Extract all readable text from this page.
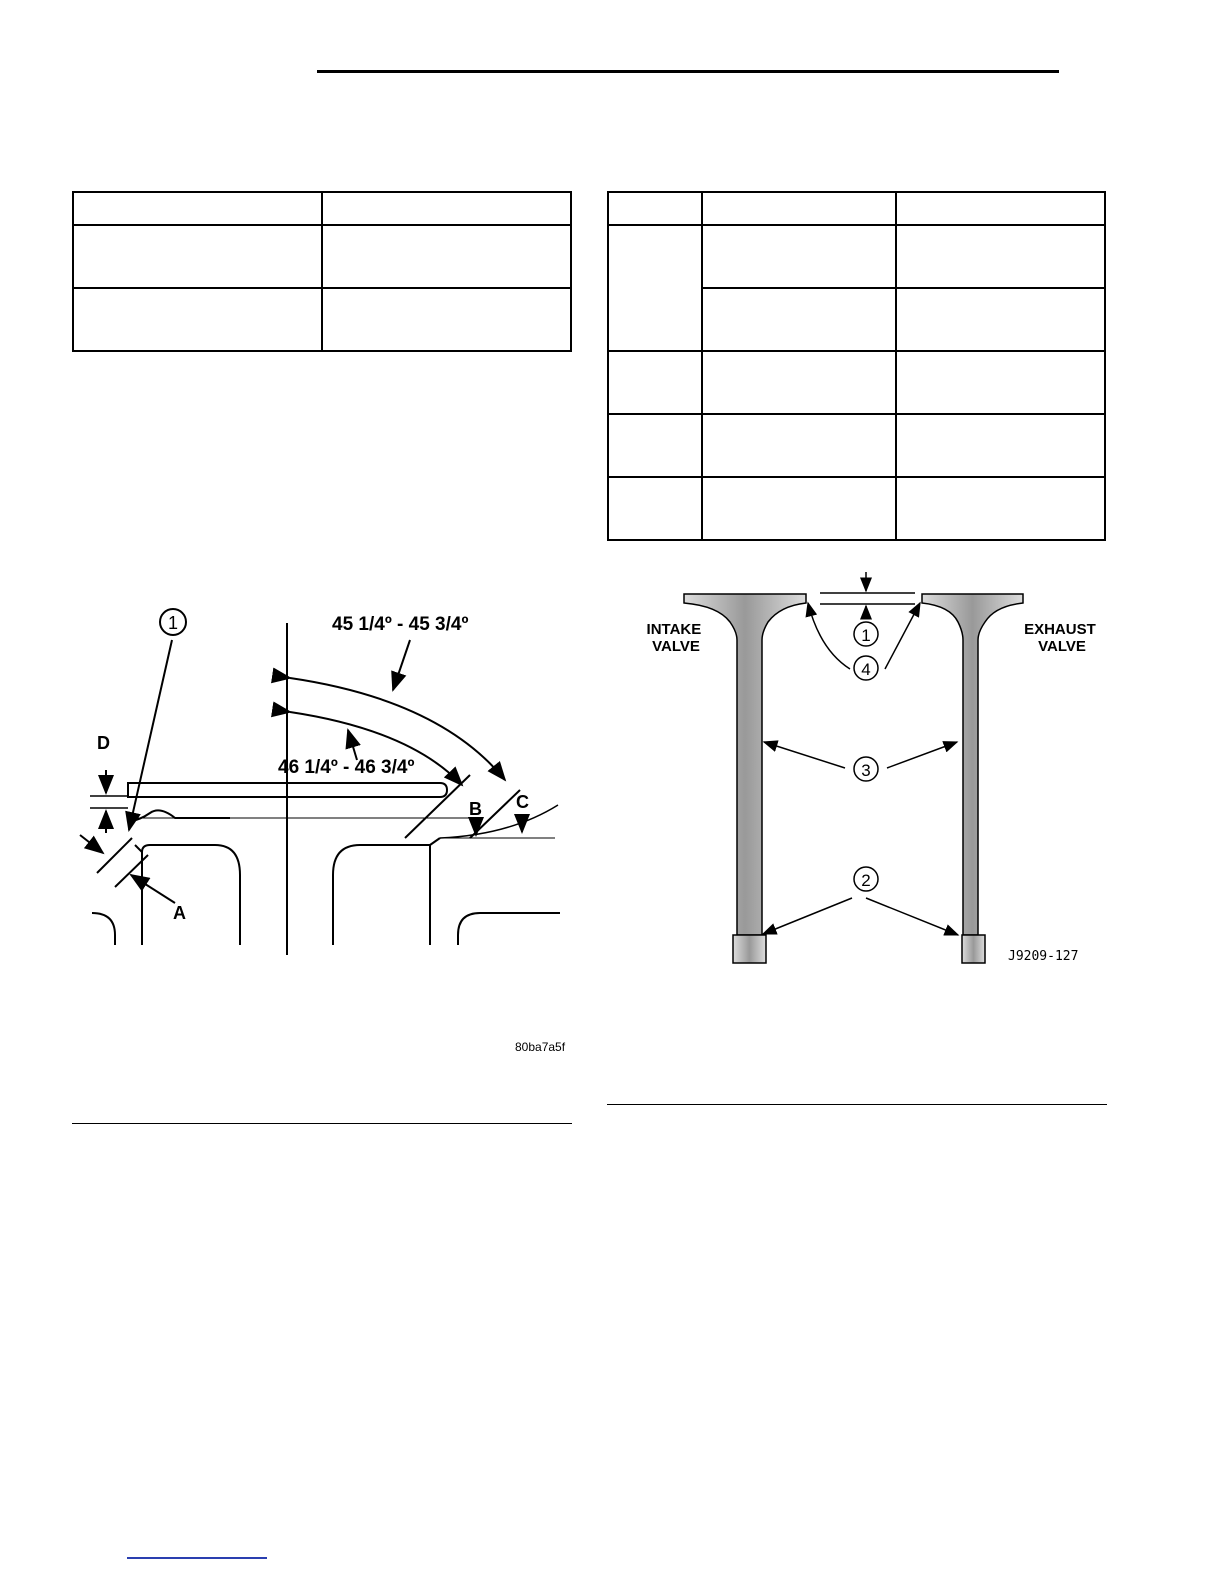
1	45 1/4º - 45 3/4º
46 1/4º - 46 3/4º
A
B C
D
80ba7a5f
INTAKE VALVE
EXHAUST VALVE
1
4
3
2
J9209-127
